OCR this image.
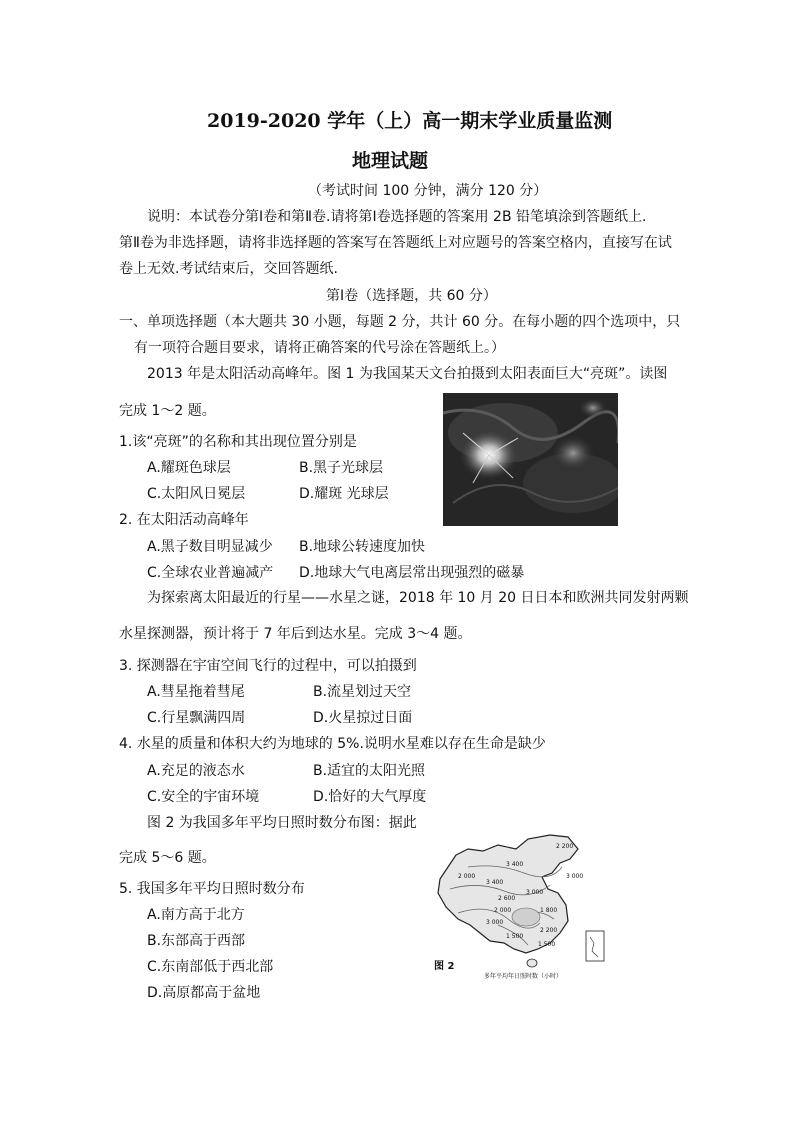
2019-2020 学年（上）高一期末学业质量监测
地理试题
（考试时间 100 分钟，满分 120 分）
说明：本试卷分第Ⅰ卷和第Ⅱ卷.请将第Ⅰ卷选择题的答案用 2B 铅笔填涂到答题纸上.
第Ⅱ卷为非选择题，请将非选择题的答案写在答题纸上对应题号的答案空格内，直接写在试
卷上无效.考试结束后，交回答题纸.
第Ⅰ卷（选择题，共 60 分）
一、单项选择题（本大题共 30 小题，每题 2 分，共计 60 分。在每小题的四个选项中，只
有一项符合题目要求，请将正确答案的代号涂在答题纸上。）
2013 年是太阳活动高峰年。图 1 为我国某天文台拍摄到太阳表面巨大“亮斑”。读图
完成 1～2 题。
1.该“亮斑”的名称和其出现位置分别是
A.耀斑色球层	B.黑子光球层
C.太阳风日冕层	D.耀斑 光球层
2. 在太阳活动高峰年
A.黑子数目明显减少 B.地球公转速度加快
C.全球农业普遍减产 D.地球大气电离层常出现强烈的磁暴
为探索离太阳最近的行星——水星之谜，2018 年 10 月 20 日日本和欧洲共同发射两颗
水星探测器，预计将于 7 年后到达水星。完成 3～4 题。
3. 探测器在宇宙空间飞行的过程中，可以拍摄到
A.彗星拖着彗尾	B.流星划过天空
C.行星飘满四周	D.火星掠过日面
4. 水星的质量和体积大约为地球的 5%.说明水星难以存在生命是缺少
A.充足的液态水	B.适宜的太阳光照
C.安全的宇宙环境	D.恰好的大气厚度
图 2 为我国多年平均日照时数分布图：据此
完成 5～6 题。
5. 我国多年平均日照时数分布
A.南方高于北方
B.东部高于西部
C.东南部低于西北部
D.高原都高于盆地
2 200
3 000
3 400
2 000
3 000
2 600
3 400
3 000
2 200
1 500
2 000	1 800
1 500
图 2
多年平均年日照时数（小时）
